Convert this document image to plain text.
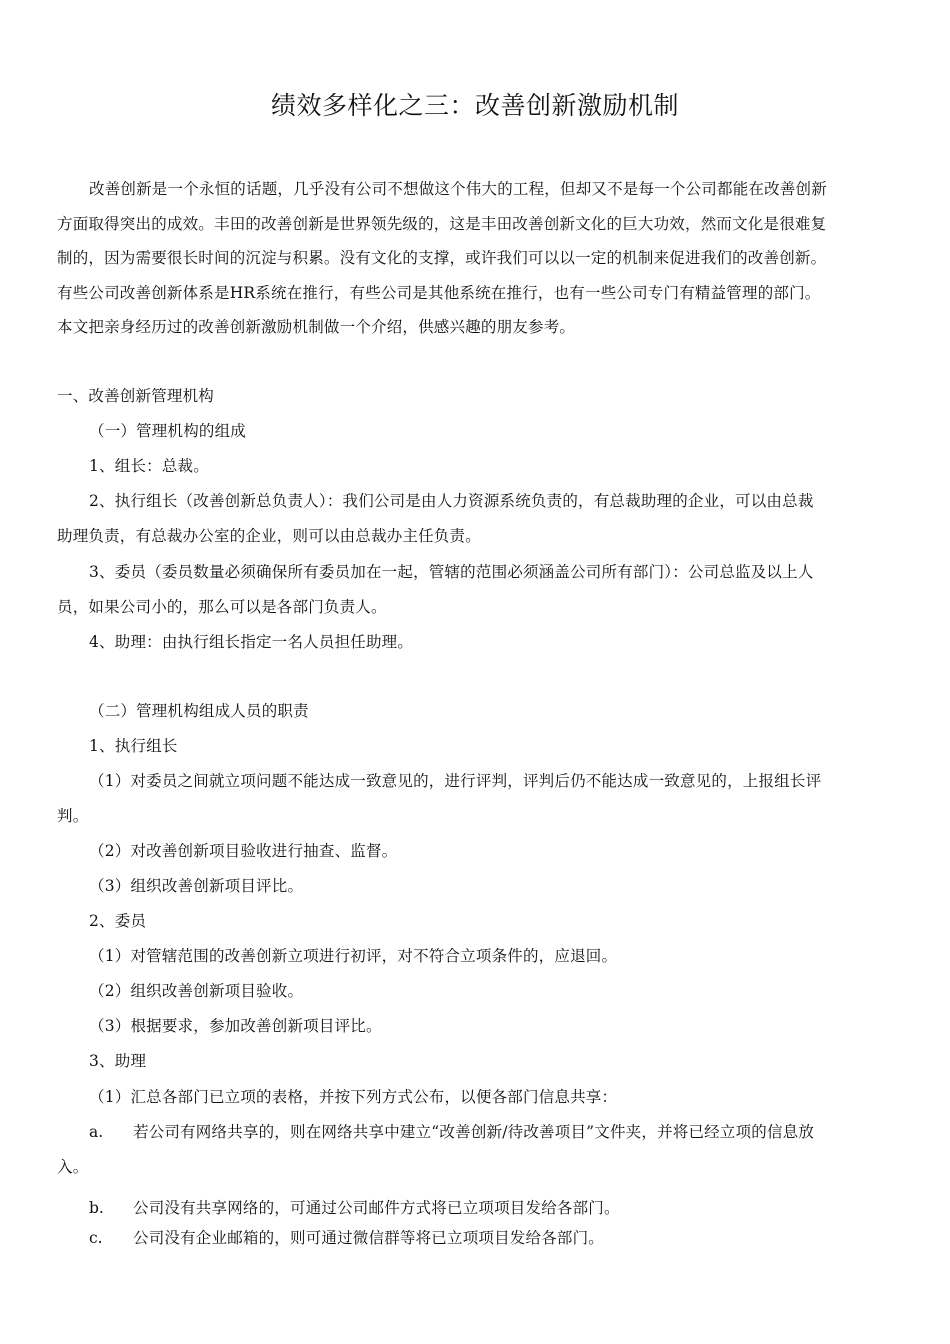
绩效多样化之三：改善创新激励机制
改善创新是一个永恒的话题，几乎没有公司不想做这个伟大的工程，但却又不是每一个公司都能在改善创新
方面取得突出的成效。丰田的改善创新是世界领先级的，这是丰田改善创新文化的巨大功效，然而文化是很难复
制的，因为需要很长时间的沉淀与积累。没有文化的支撑，或许我们可以以一定的机制来促进我们的改善创新。
有些公司改善创新体系是HR系统在推行，有些公司是其他系统在推行，也有一些公司专门有精益管理的部门。
本文把亲身经历过的改善创新激励机制做一个介绍，供感兴趣的朋友参考。
一、改善创新管理机构
（一）管理机构的组成
1、组长：总裁。
2、执行组长（改善创新总负责人）：我们公司是由人力资源系统负责的，有总裁助理的企业，可以由总裁
助理负责，有总裁办公室的企业，则可以由总裁办主任负责。
3、委员（委员数量必须确保所有委员加在一起，管辖的范围必须涵盖公司所有部门）：公司总监及以上人
员，如果公司小的，那么可以是各部门负责人。
4、助理：由执行组长指定一名人员担任助理。
（二）管理机构组成人员的职责
1、执行组长
（1）对委员之间就立项问题不能达成一致意见的，进行评判，评判后仍不能达成一致意见的，上报组长评
判。
（2）对改善创新项目验收进行抽查、监督。
（3）组织改善创新项目评比。
2、委员
（1）对管辖范围的改善创新立项进行初评，对不符合立项条件的，应退回。
（2）组织改善创新项目验收。
（3）根据要求，参加改善创新项目评比。
3、助理
（1）汇总各部门已立项的表格，并按下列方式公布，以便各部门信息共享：
a. 若公司有网络共享的，则在网络共享中建立“改善创新/待改善项目”文件夹，并将已经立项的信息放
入。
b. 公司没有共享网络的，可通过公司邮件方式将已立项项目发给各部门。
c. 公司没有企业邮箱的，则可通过微信群等将已立项项目发给各部门。
